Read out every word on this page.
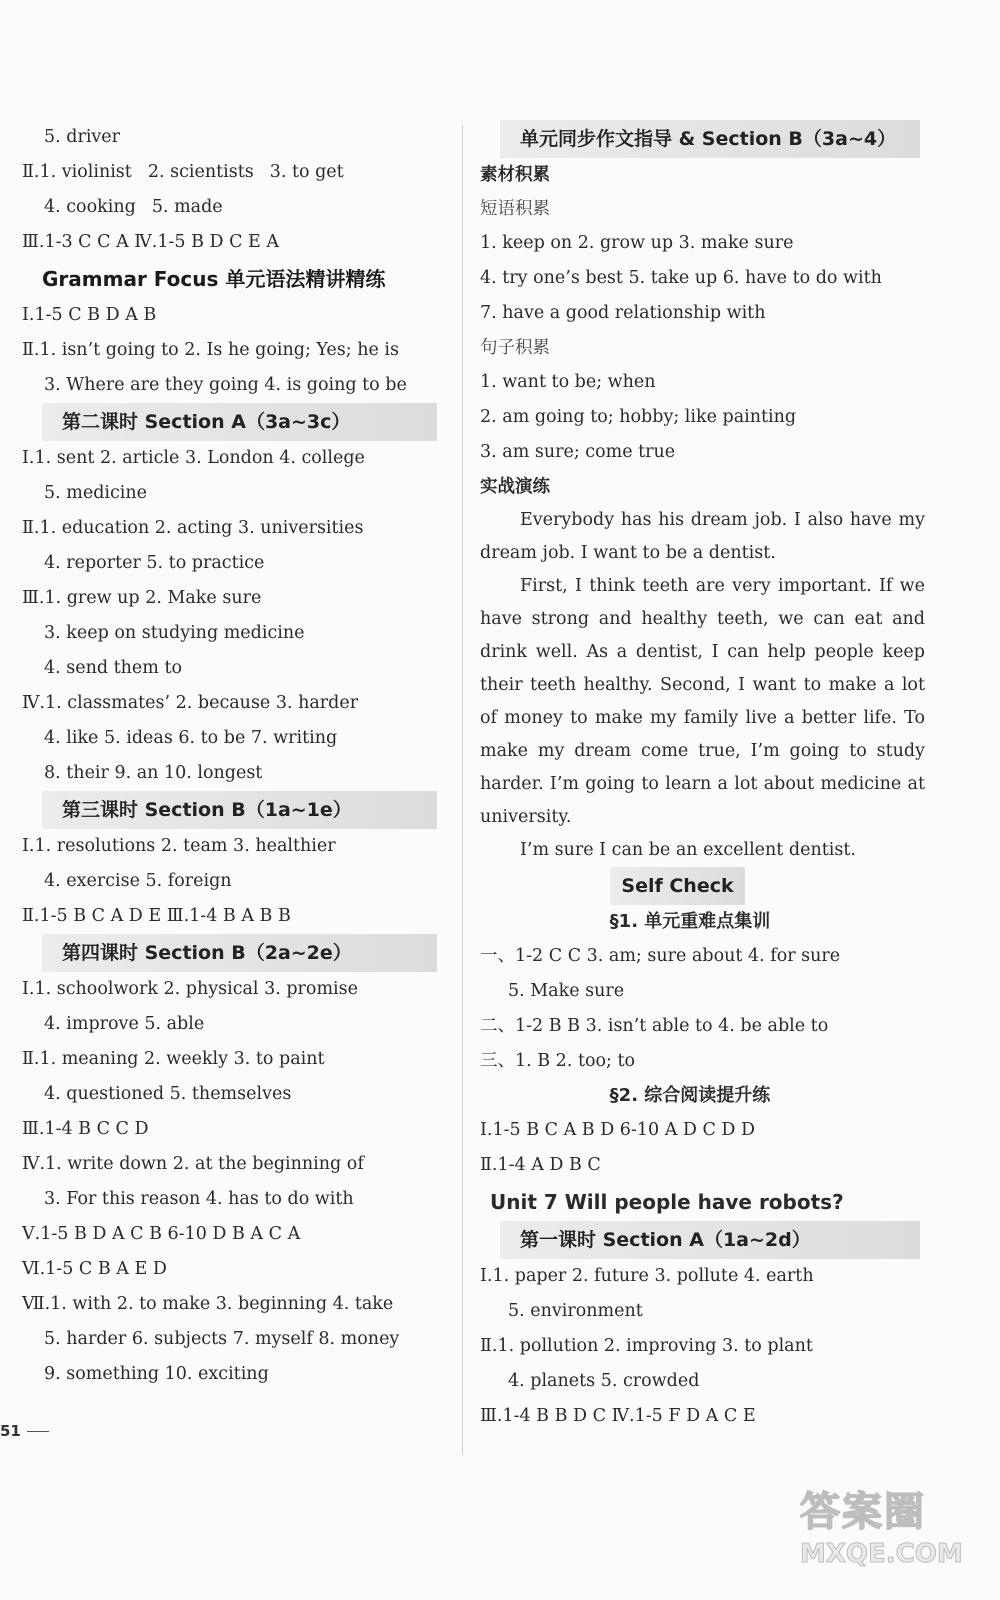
5. driver
Ⅱ.1. violinist 2. scientists 3. to get
4. cooking 5. made
Ⅲ.1-3 C C A Ⅳ.1-5 B D C E A
Grammar Focus 单元语法精讲精练
Ⅰ.1-5 C B D A B
Ⅱ.1. isn’t going to 2. Is he going; Yes; he is
3. Where are they going 4. is going to be
第二课时 Section A（3a~3c）
Ⅰ.1. sent 2. article 3. London 4. college
5. medicine
Ⅱ.1. education 2. acting 3. universities
4. reporter 5. to practice
Ⅲ.1. grew up 2. Make sure
3. keep on studying medicine
4. send them to
Ⅳ.1. classmates’ 2. because 3. harder
4. like 5. ideas 6. to be 7. writing
8. their 9. an 10. longest
第三课时 Section B（1a~1e）
Ⅰ.1. resolutions 2. team 3. healthier
4. exercise 5. foreign
Ⅱ.1-5 B C A D E Ⅲ.1-4 B A B B
第四课时 Section B（2a~2e）
Ⅰ.1. schoolwork 2. physical 3. promise
4. improve 5. able
Ⅱ.1. meaning 2. weekly 3. to paint
4. questioned 5. themselves
Ⅲ.1-4 B C C D
Ⅳ.1. write down 2. at the beginning of
3. For this reason 4. has to do with
Ⅴ.1-5 B D A C B 6-10 D B A C A
Ⅵ.1-5 C B A E D
Ⅶ.1. with 2. to make 3. beginning 4. take
5. harder 6. subjects 7. myself 8. money
9. something 10. exciting
单元同步作文指导 & Section B（3a~4）
素材积累
短语积累
1. keep on 2. grow up 3. make sure
4. try one’s best 5. take up 6. have to do with
7. have a good relationship with
句子积累
1. want to be; when
2. am going to; hobby; like painting
3. am sure; come true
实战演练

Everybody has his dream job. I also have my dream job. I want to be a dentist.

First, I think teeth are very important. If we have strong and healthy teeth, we can eat and drink well. As a dentist, I can help people keep their teeth healthy. Second, I want to make a lot of money to make my family live a better life. To make my dream come true, I’m going to study harder. I’m going to learn a lot about medicine at university.

I’m sure I can be an excellent dentist.

Self Check
§1. 单元重难点集训
一、1-2 C C 3. am; sure about 4. for sure
5. Make sure
二、1-2 B B 3. isn’t able to 4. be able to
三、1. B 2. too; to
§2. 综合阅读提升练
Ⅰ.1-5 B C A B D 6-10 A D C D D
Ⅱ.1-4 A D B C
Unit 7 Will people have robots?
第一课时 Section A（1a~2d）
Ⅰ.1. paper 2. future 3. pollute 4. earth
5. environment
Ⅱ.1. pollution 2. improving 3. to plant
4. planets 5. crowded
Ⅲ.1-4 B B D C Ⅳ.1-5 F D A C E
51
答案圈
MXQE.COM
